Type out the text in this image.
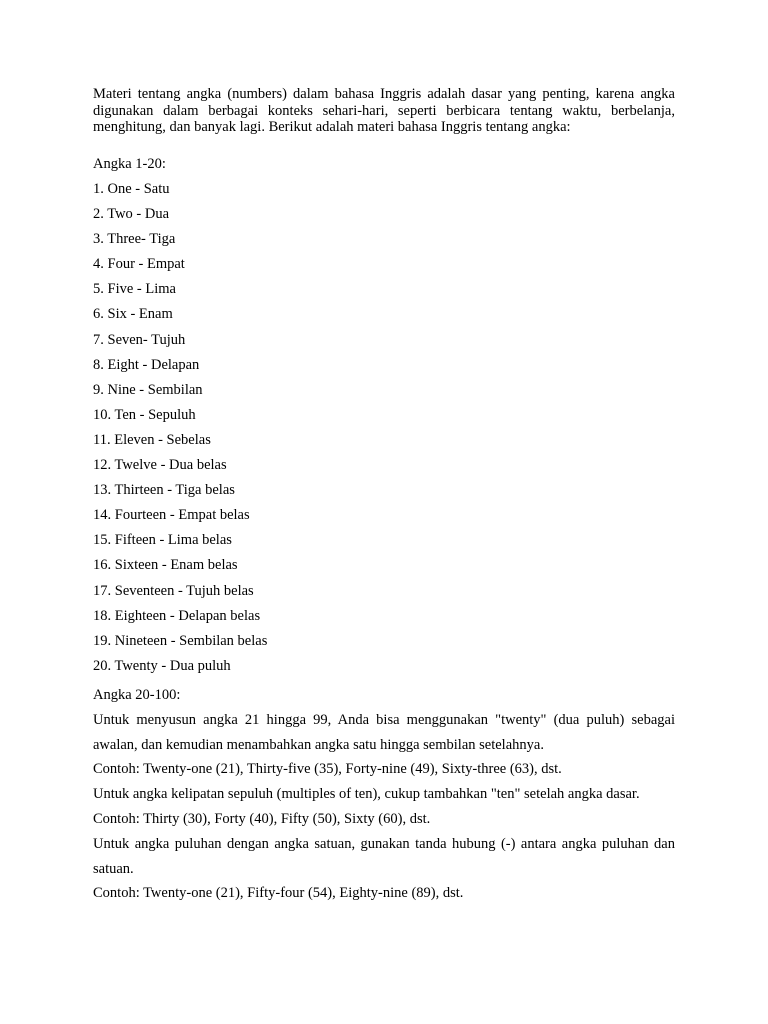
Materi tentang angka (numbers) dalam bahasa Inggris adalah dasar yang penting, karena angka digunakan dalam berbagai konteks sehari-hari, seperti berbicara tentang waktu, berbelanja, menghitung, dan banyak lagi. Berikut adalah materi bahasa Inggris tentang angka:

Angka 1-20:
1. One - Satu
2. Two - Dua
3. Three- Tiga
4. Four - Empat
5. Five - Lima
6. Six - Enam
7. Seven- Tujuh
8. Eight - Delapan
9. Nine - Sembilan
10. Ten - Sepuluh
11. Eleven - Sebelas
12. Twelve - Dua belas
13. Thirteen - Tiga belas
14. Fourteen - Empat belas
15. Fifteen - Lima belas
16. Sixteen - Enam belas
17. Seventeen - Tujuh belas
18. Eighteen - Delapan belas
19. Nineteen - Sembilan belas
20. Twenty - Dua puluh
Angka 20-100:

Untuk menyusun angka 21 hingga 99, Anda bisa menggunakan "twenty" (dua puluh) sebagai awalan, dan kemudian menambahkan angka satu hingga sembilan setelahnya.

Contoh: Twenty-one (21), Thirty-five (35), Forty-nine (49), Sixty-three (63), dst.

Untuk angka kelipatan sepuluh (multiples of ten), cukup tambahkan "ten" setelah angka dasar.

Contoh: Thirty (30), Forty (40), Fifty (50), Sixty (60), dst.

Untuk angka puluhan dengan angka satuan, gunakan tanda hubung (-) antara angka puluhan dan satuan.

Contoh: Twenty-one (21), Fifty-four (54), Eighty-nine (89), dst.
